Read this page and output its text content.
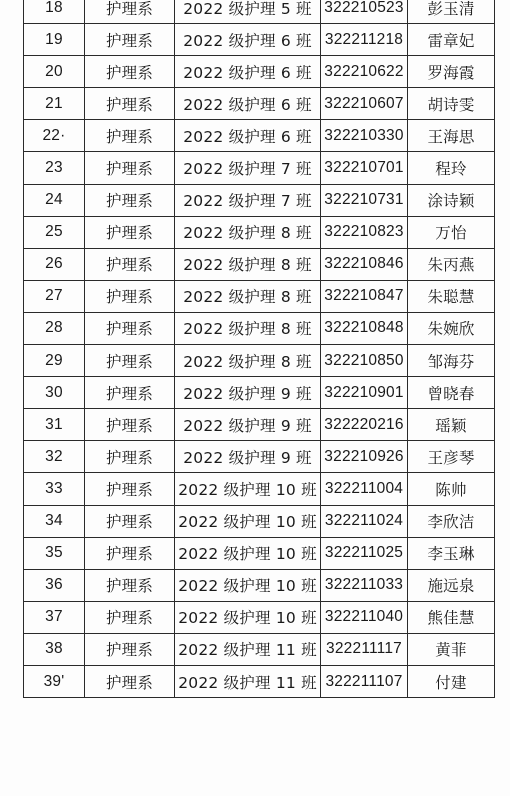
18	护理系	2022 级护理 5 班	322210523	彭玉清
19	护理系	2022 级护理 6 班	322211218	雷章妃
20	护理系	2022 级护理 6 班	322210622	罗海霞
21	护理系	2022 级护理 6 班	322210607	胡诗雯
22·	护理系	2022 级护理 6 班	322210330	王海思
23	护理系	2022 级护理 7 班	322210701	程玲
24	护理系	2022 级护理 7 班	322210731	涂诗颖
25	护理系	2022 级护理 8 班	322210823	万怡
26	护理系	2022 级护理 8 班	322210846	朱丙燕
27	护理系	2022 级护理 8 班	322210847	朱聪慧
28	护理系	2022 级护理 8 班	322210848	朱婉欣
29	护理系	2022 级护理 8 班	322210850	邹海芬
30	护理系	2022 级护理 9 班	322210901	曾晓春
31	护理系	2022 级护理 9 班	322220216	瑶颖
32	护理系	2022 级护理 9 班	322210926	王彦琴
33	护理系	2022 级护理 10 班	322211004	陈帅
34	护理系	2022 级护理 10 班	322211024	李欣洁
35	护理系	2022 级护理 10 班	322211025	李玉琳
36	护理系	2022 级护理 10 班	322211033	施远泉
37	护理系	2022 级护理 10 班	322211040	熊佳慧
38	护理系	2022 级护理 11 班	322211117	黄菲
39'	护理系	2022 级护理 11 班	322211107	付建
